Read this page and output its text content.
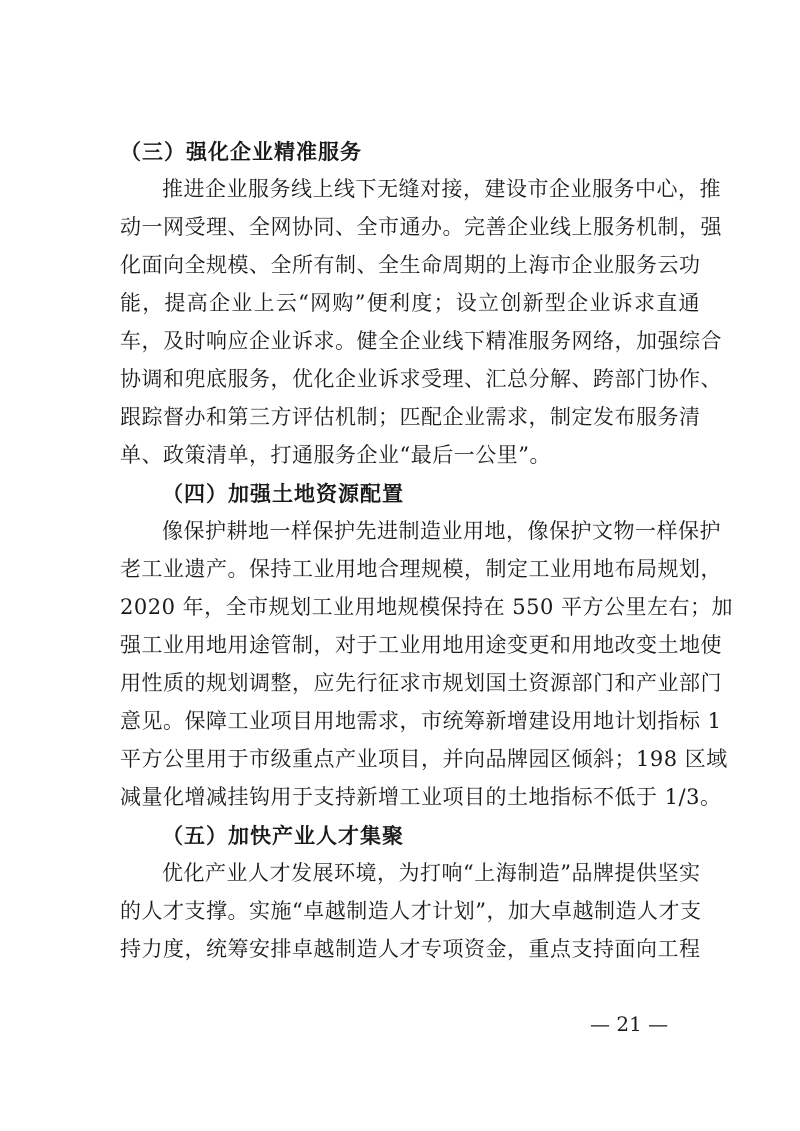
（三）强化企业精准服务
推进企业服务线上线下无缝对接，建设市企业服务中心，推
动一网受理、全网协同、全市通办。完善企业线上服务机制，强
化面向全规模、全所有制、全生命周期的上海市企业服务云功
能，提高企业上云“网购”便利度；设立创新型企业诉求直通
车，及时响应企业诉求。健全企业线下精准服务网络，加强综合
协调和兜底服务，优化企业诉求受理、汇总分解、跨部门协作、
跟踪督办和第三方评估机制；匹配企业需求，制定发布服务清
单、政策清单，打通服务企业“最后一公里”。
（四）加强土地资源配置
像保护耕地一样保护先进制造业用地，像保护文物一样保护
老工业遗产。保持工业用地合理规模，制定工业用地布局规划，
2020 年，全市规划工业用地规模保持在 550 平方公里左右；加
强工业用地用途管制，对于工业用地用途变更和用地改变土地使
用性质的规划调整，应先行征求市规划国土资源部门和产业部门
意见。保障工业项目用地需求，市统筹新增建设用地计划指标 1
平方公里用于市级重点产业项目，并向品牌园区倾斜；198 区域
减量化增减挂钩用于支持新增工业项目的土地指标不低于 1/3。
（五）加快产业人才集聚
优化产业人才发展环境，为打响“上海制造”品牌提供坚实
的人才支撑。实施“卓越制造人才计划”，加大卓越制造人才支
持力度，统筹安排卓越制造人才专项资金，重点支持面向工程
— 21 —
